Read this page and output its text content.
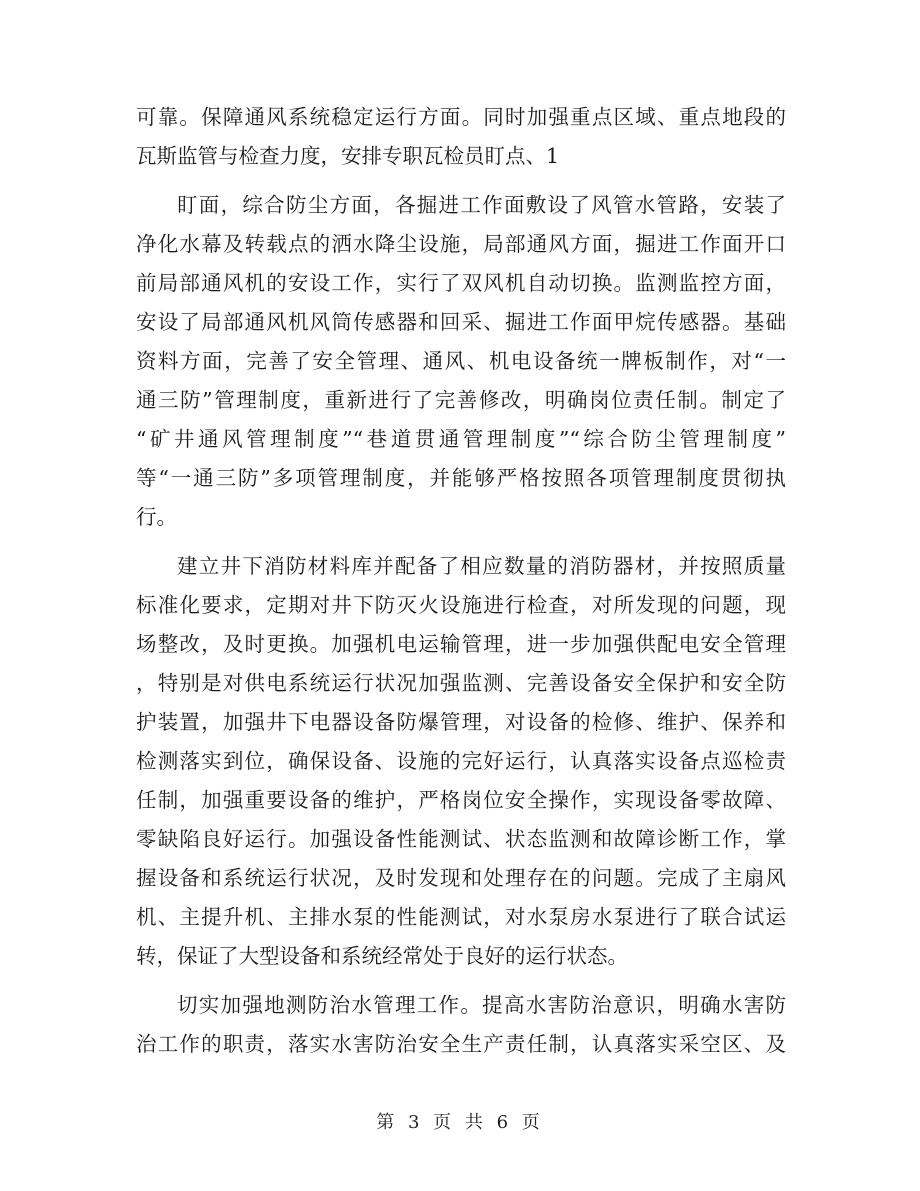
可靠。保障通风系统稳定运行方面。同时加强重点区域、重点地段的
瓦斯监管与检查力度，安排专职瓦检员盯点、1
盯面，综合防尘方面，各掘进工作面敷设了风管水管路，安装了
净化水幕及转载点的洒水降尘设施，局部通风方面，掘进工作面开口
前局部通风机的安设工作，实行了双风机自动切换。监测监控方面，
安设了局部通风机风筒传感器和回采、掘进工作面甲烷传感器。基础
资料方面，完善了安全管理、通风、机电设备统一牌板制作，对“一
通三防”管理制度，重新进行了完善修改，明确岗位责任制。制定了
“矿井通风管理制度”“巷道贯通管理制度”“综合防尘管理制度”
等“一通三防”多项管理制度，并能够严格按照各项管理制度贯彻执
行。
建立井下消防材料库并配备了相应数量的消防器材，并按照质量
标准化要求，定期对井下防灭火设施进行检查，对所发现的问题，现
场整改，及时更换。加强机电运输管理，进一步加强供配电安全管理
，特别是对供电系统运行状况加强监测、完善设备安全保护和安全防
护装置，加强井下电器设备防爆管理，对设备的检修、维护、保养和
检测落实到位，确保设备、设施的完好运行，认真落实设备点巡检责
任制，加强重要设备的维护，严格岗位安全操作，实现设备零故障、
零缺陷良好运行。加强设备性能测试、状态监测和故障诊断工作，掌
握设备和系统运行状况，及时发现和处理存在的问题。完成了主扇风
机、主提升机、主排水泵的性能测试，对水泵房水泵进行了联合试运
转，保证了大型设备和系统经常处于良好的运行状态。
切实加强地测防治水管理工作。提高水害防治意识，明确水害防
治工作的职责，落实水害防治安全生产责任制，认真落实采空区、及
第 3 页 共 6 页
